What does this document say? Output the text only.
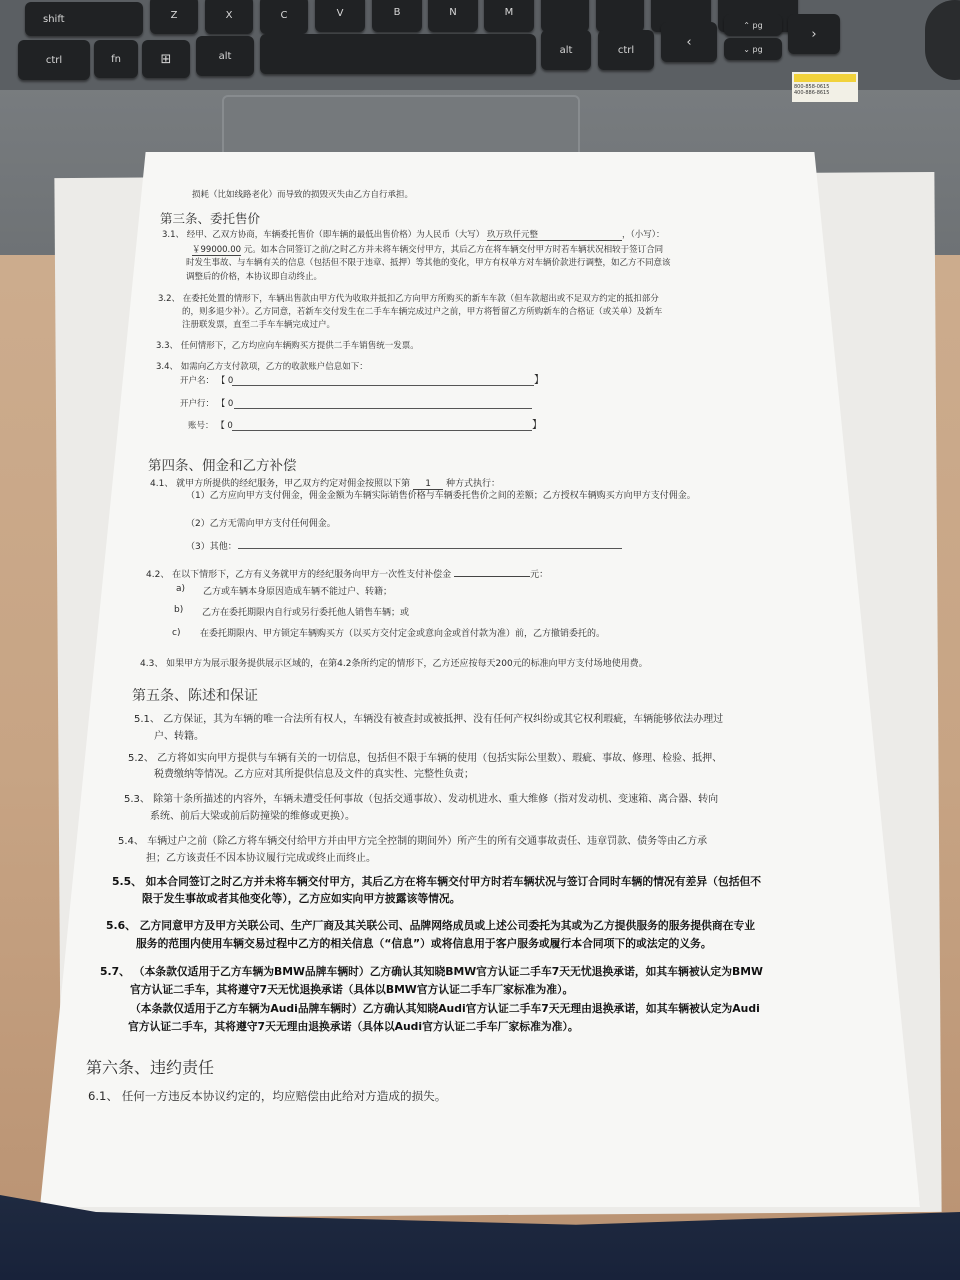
shift	Z	X	C	V	B	N	M
ctrl	fn	⊞	alt
alt	ctrl
‹
⌃ pg
⌄ pg
›
800-858-0615
400-886-8615
损耗（比如线路老化）而导致的损毁灭失由乙方自行承担。
第三条、委托售价
3.1、 经甲、乙双方协商，车辆委托售价（即车辆的最低出售价格）为人民币（大写） 玖万玖仟元整	，（小写）：
￥99000.00 元。如本合同签订之前/之时乙方并未将车辆交付甲方，其后乙方在将车辆交付甲方时若车辆状况相较于签订合同
时发生事故、与车辆有关的信息（包括但不限于违章、抵押）等其他的变化，甲方有权单方对车辆价款进行调整，如乙方不同意该
调整后的价格，本协议即自动终止。
3.2、 在委托处置的情形下，车辆出售款由甲方代为收取并抵扣乙方向甲方所购买的新车车款（但车款超出或不足双方约定的抵扣部分
的，则多退少补）。乙方同意，若新车交付发生在二手车车辆完成过户之前，甲方将暂留乙方所购新车的合格证（或关单）及新车
注册联发票，直至二手车车辆完成过户。
3.3、 任何情形下，乙方均应向车辆购买方提供二手车销售统一发票。
3.4、 如需向乙方支付款项，乙方的收款账户信息如下：
开户名： 【 0	】
开户行： 【 0
账号： 【 0	】
第四条、佣金和乙方补偿
4.1、 就甲方所提供的经纪服务，甲乙双方约定对佣金按照以下第 1 种方式执行：
（1）乙方应向甲方支付佣金，佣金金额为车辆实际销售价格与车辆委托售价之间的差额；乙方授权车辆购买方向甲方支付佣金。
（2）乙方无需向甲方支付任何佣金。
（3）其他：
4.2、 在以下情形下，乙方有义务就甲方的经纪服务向甲方一次性支付补偿金	元：
a) 乙方或车辆本身原因造成车辆不能过户、转籍；
b) 乙方在委托期限内自行或另行委托他人销售车辆；或
c) 在委托期限内、甲方锁定车辆购买方（以买方交付定金或意向金或首付款为准）前，乙方撤销委托的。
4.3、 如果甲方为展示服务提供展示区域的，在第4.2条所约定的情形下，乙方还应按每天200元的标准向甲方支付场地使用费。
第五条、陈述和保证
5.1、 乙方保证，其为车辆的唯一合法所有权人，车辆没有被查封或被抵押、没有任何产权纠纷或其它权利瑕疵，车辆能够依法办理过
户、转籍。
5.2、 乙方将如实向甲方提供与车辆有关的一切信息，包括但不限于车辆的使用（包括实际公里数）、瑕疵、事故、修理、检验、抵押、
税费缴纳等情况。乙方应对其所提供信息及文件的真实性、完整性负责；
5.3、 除第十条所描述的内容外，车辆未遭受任何事故（包括交通事故）、发动机进水、重大维修（指对发动机、变速箱、离合器、转向
系统、前后大梁或前后防撞梁的维修或更换）。
5.4、 车辆过户之前（除乙方将车辆交付给甲方并由甲方完全控制的期间外）所产生的所有交通事故责任、违章罚款、债务等由乙方承
担；乙方该责任不因本协议履行完成或终止而终止。
5.5、 如本合同签订之时乙方并未将车辆交付甲方，其后乙方在将车辆交付甲方时若车辆状况与签订合同时车辆的情况有差异（包括但不
限于发生事故或者其他变化等），乙方应如实向甲方披露该等情况。
5.6、 乙方同意甲方及甲方关联公司、生产厂商及其关联公司、品牌网络成员或上述公司委托为其或为乙方提供服务的服务提供商在专业
服务的范围内使用车辆交易过程中乙方的相关信息（“信息”）或将信息用于客户服务或履行本合同项下的或法定的义务。
5.7、 （本条款仅适用于乙方车辆为BMW品牌车辆时）乙方确认其知晓BMW官方认证二手车7天无忧退换承诺，如其车辆被认定为BMW
官方认证二手车，其将遵守7天无忧退换承诺（具体以BMW官方认证二手车厂家标准为准）。
（本条款仅适用于乙方车辆为Audi品牌车辆时）乙方确认其知晓Audi官方认证二手车7天无理由退换承诺，如其车辆被认定为Audi
官方认证二手车，其将遵守7天无理由退换承诺（具体以Audi官方认证二手车厂家标准为准）。
第六条、违约责任
6.1、 任何一方违反本协议约定的，均应赔偿由此给对方造成的损失。
